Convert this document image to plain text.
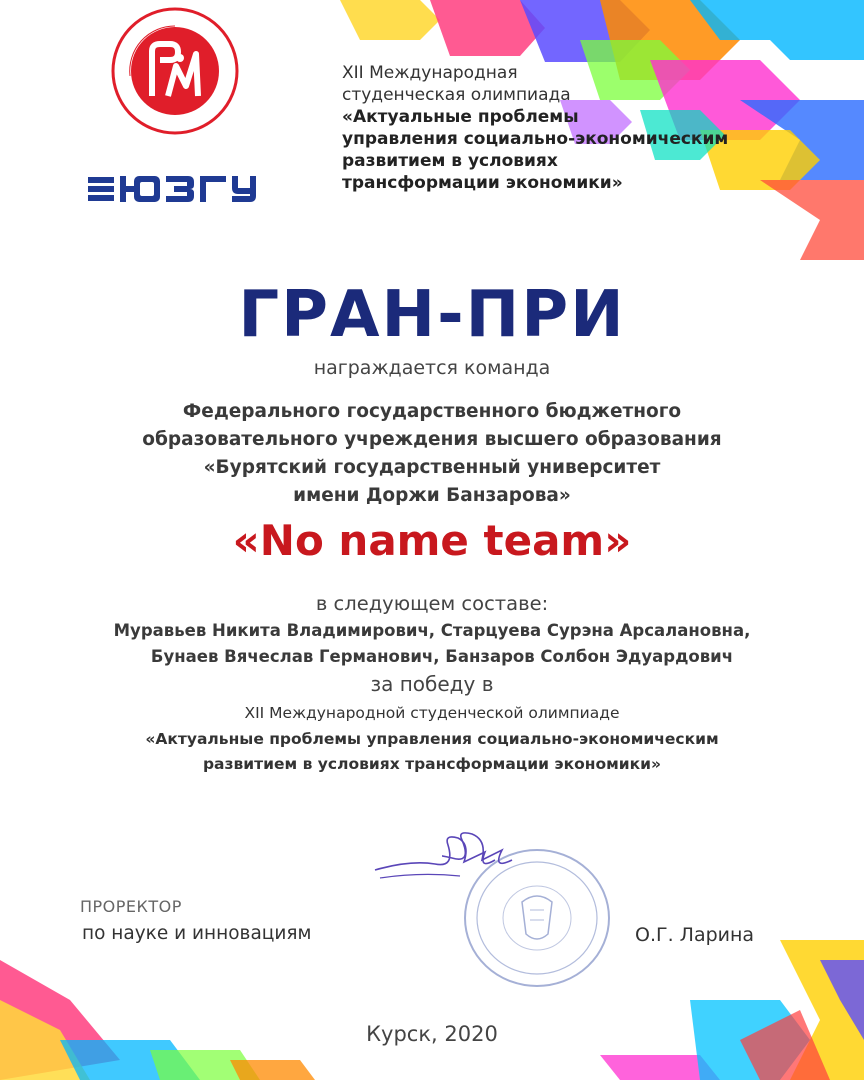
XII Международная
студенческая олимпиада
«Актуальные проблемы
управления социально-экономическим
развитием в условиях
трансформации экономики»
ГРАН-ПРИ
награждается команда
Федерального государственного бюджетного
образовательного учреждения высшего образования
«Бурятский государственный университет
имени Доржи Банзарова»
«No name team»
в следующем составе:
Муравьев Никита Владимирович, Старцуева Сурэна Арсалановна,
Бунаев Вячеслав Германович, Банзаров Солбон Эдуардович
за победу в
XII Международной студенческой олимпиаде
«Актуальные проблемы управления социально-экономическим
развитием в условиях трансформации экономики»
ПРОРЕКТОР
по науке и инновациям	О.Г. Ларина
Курск, 2020
